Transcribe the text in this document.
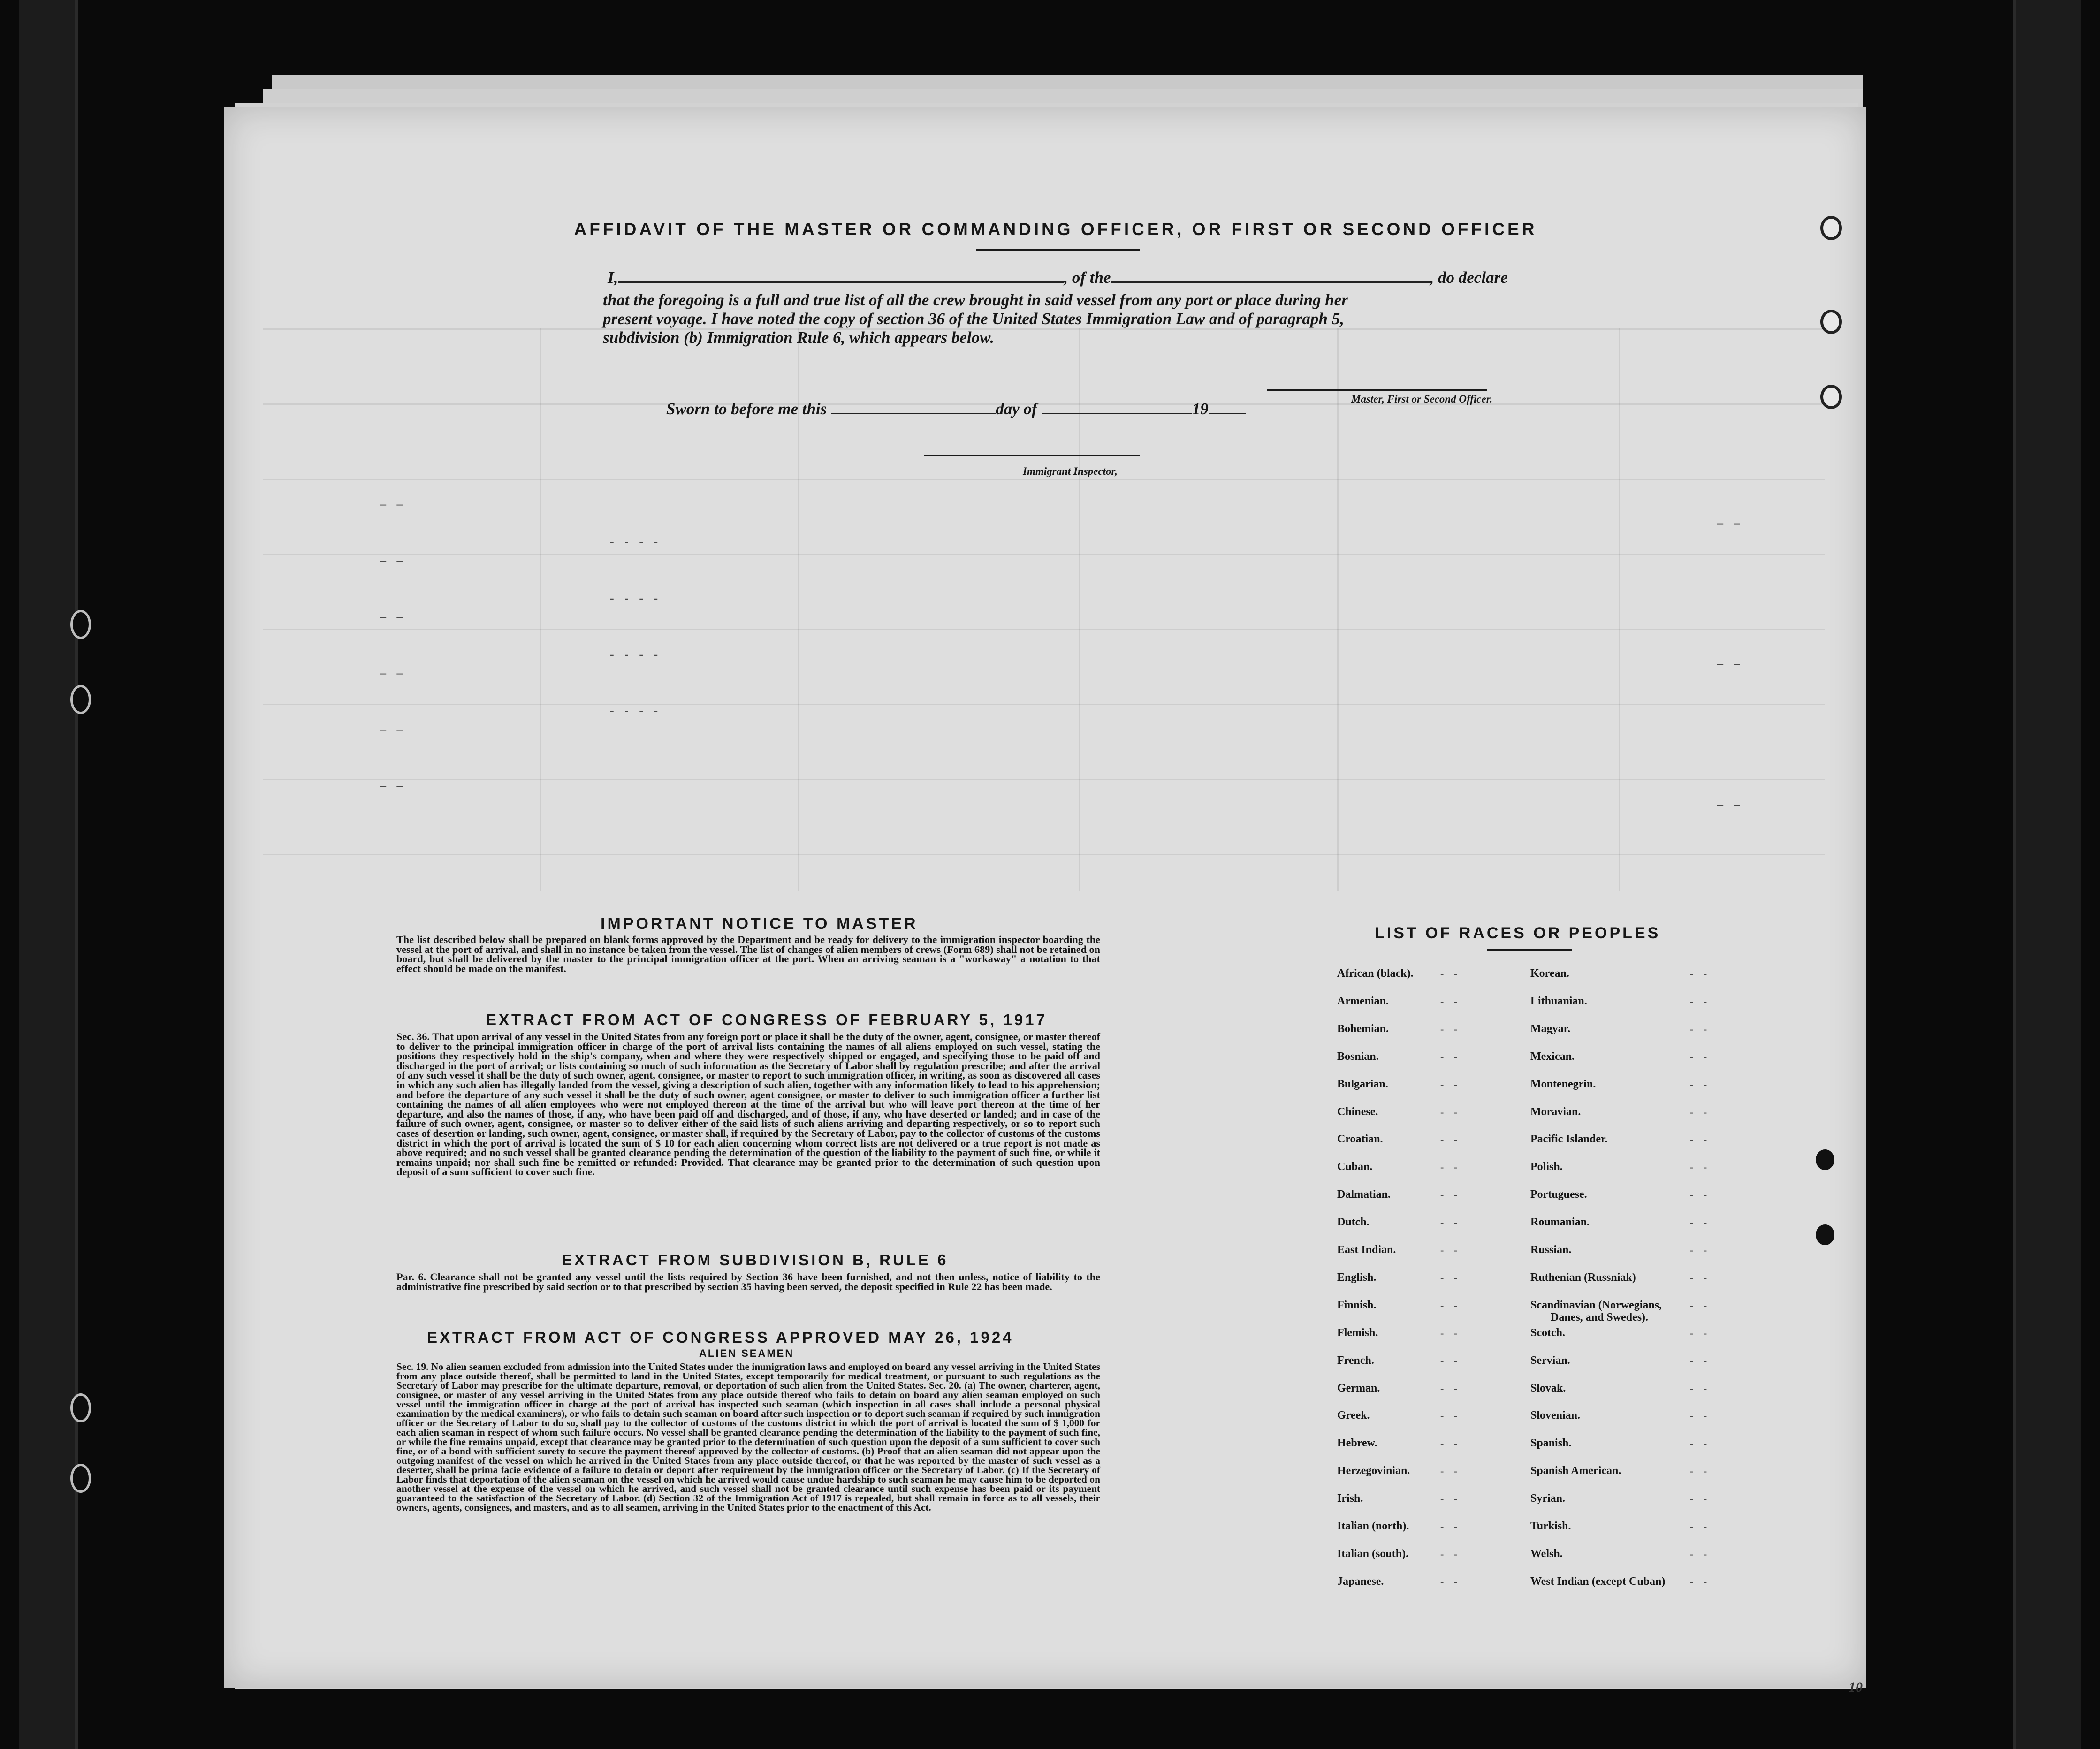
– –
– –
– –
– –
– –
– –
- - - -
- - - -
- - - -
- - - -
– –
– –
– –
AFFIDAVIT OF THE MASTER OR COMMANDING OFFICER, OR FIRST OR SECOND OFFICER
I,	, of the	, do declare
that the foregoing is a full and true list of all the crew brought in said vessel from any port or place during her
present voyage. I have noted the copy of section 36 of the United States Immigration Law and of paragraph 5,
subdivision (b) Immigration Rule 6, which appears below.
Sworn to before me this	day of	19
Master, First or Second Officer.
Immigrant Inspector,
IMPORTANT NOTICE TO MASTER
The list described below shall be prepared on blank forms approved by the Department and be ready for delivery to the immigration inspector boarding the vessel at the port of arrival, and shall in no instance be taken from the vessel. The list of changes of alien members of crews (Form 689) shall not be retained on board, but shall be delivered by the master to the principal immigration officer at the port. When an arriving seaman is a "workaway" a notation to that effect should be made on the manifest.
EXTRACT FROM ACT OF CONGRESS OF FEBRUARY 5, 1917
Sec. 36. That upon arrival of any vessel in the United States from any foreign port or place it shall be the duty of the owner, agent, consignee, or master thereof to deliver to the principal immigration officer in charge of the port of arrival lists containing the names of all aliens employed on such vessel, stating the positions they respectively hold in the ship's company, when and where they were respectively shipped or engaged, and specifying those to be paid off and discharged in the port of arrival; or lists containing so much of such information as the Secretary of Labor shall by regulation prescribe; and after the arrival of any such vessel it shall be the duty of such owner, agent, consignee, or master to report to such immigration officer, in writing, as soon as discovered all cases in which any such alien has illegally landed from the vessel, giving a description of such alien, together with any information likely to lead to his apprehension; and before the departure of any such vessel it shall be the duty of such owner, agent consignee, or master to deliver to such immigration officer a further list containing the names of all alien employees who were not employed thereon at the time of the arrival but who will leave port thereon at the time of her departure, and also the names of those, if any, who have been paid off and discharged, and of those, if any, who have deserted or landed; and in case of the failure of such owner, agent, consignee, or master so to deliver either of the said lists of such aliens arriving and departing respectively, or so to report such cases of desertion or landing, such owner, agent, consignee, or master shall, if required by the Secretary of Labor, pay to the collector of customs of the customs district in which the port of arrival is located the sum of $ 10 for each alien concerning whom correct lists are not delivered or a true report is not made as above required; and no such vessel shall be granted clearance pending the determination of the question of the liability to the payment of such fine, or while it remains unpaid; nor shall such fine be remitted or refunded: Provided. That clearance may be granted prior to the determination of such question upon deposit of a sum sufficient to cover such fine.
EXTRACT FROM SUBDIVISION B, RULE 6
Par. 6. Clearance shall not be granted any vessel until the lists required by Section 36 have been furnished, and not then unless, notice of liability to the administrative fine prescribed by said section or to that prescribed by section 35 having been served, the deposit specified in Rule 22 has been made.
EXTRACT FROM ACT OF CONGRESS APPROVED MAY 26, 1924
ALIEN SEAMEN
Sec. 19. No alien seamen excluded from admission into the United States under the immigration laws and employed on board any vessel arriving in the United States from any place outside thereof, shall be permitted to land in the United States, except temporarily for medical treatment, or pursuant to such regulations as the Secretary of Labor may prescribe for the ultimate departure, removal, or deportation of such alien from the United States. Sec. 20. (a) The owner, charterer, agent, consignee, or master of any vessel arriving in the United States from any place outside thereof who fails to detain on board any alien seaman employed on such vessel until the immigration officer in charge at the port of arrival has inspected such seaman (which inspection in all cases shall include a personal physical examination by the medical examiners), or who fails to detain such seaman on board after such inspection or to deport such seaman if required by such immigration officer or the Secretary of Labor to do so, shall pay to the collector of customs of the customs district in which the port of arrival is located the sum of $ 1,000 for each alien seaman in respect of whom such failure occurs. No vessel shall be granted clearance pending the determination of the liability to the payment of such fine, or while the fine remains unpaid, except that clearance may be granted prior to the determination of such question upon the deposit of a sum sufficient to cover such fine, or of a bond with sufficient surety to secure the payment thereof approved by the collector of customs. (b) Proof that an alien seaman did not appear upon the outgoing manifest of the vessel on which he arrived in the United States from any place outside thereof, or that he was reported by the master of such vessel as a deserter, shall be prima facie evidence of a failure to detain or deport after requirement by the immigration officer or the Secretary of Labor. (c) If the Secretary of Labor finds that deportation of the alien seaman on the vessel on which he arrived would cause undue hardship to such seaman he may cause him to be deported on another vessel at the expense of the vessel on which he arrived, and such vessel shall not be granted clearance until such expense has been paid or its payment guaranteed to the satisfaction of the Secretary of Labor. (d) Section 32 of the Immigration Act of 1917 is repealed, but shall remain in force as to all vessels, their owners, agents, consignees, and masters, and as to all seamen, arriving in the United States prior to the enactment of this Act.
LIST OF RACES OR PEOPLES
African (black).	- -
Armenian.	- -
Bohemian.	- -
Bosnian.	- -
Bulgarian.	- -
Chinese.	- -
Croatian.	- -
Cuban.	- -
Dalmatian.	- -
Dutch.	- -
East Indian.	- -
English.	- -
Finnish.	- -
Flemish.	- -
French.	- -
German.	- -
Greek.	- -
Hebrew.	- -
Herzegovinian.	- -
Irish.	- -
Italian (north).	- -
Italian (south).	- -
Japanese.	- -
Korean.	- -
Lithuanian.	- -
Magyar.	- -
Mexican.	- -
Montenegrin.	- -
Moravian.	- -
Pacific Islander.	- -
Polish.	- -
Portuguese.	- -
Roumanian.	- -
Russian.	- -
Ruthenian (Russniak)	- -
Scandinavian (Norwegians,	- -
Scotch.	- -
Servian.	- -
Slovak.	- -
Slovenian.	- -
Spanish.	- -
Spanish American.	- -
Syrian.	- -
Turkish.	- -
Welsh.	- -
West Indian (except Cuban) - -
Danes, and Swedes).
10
